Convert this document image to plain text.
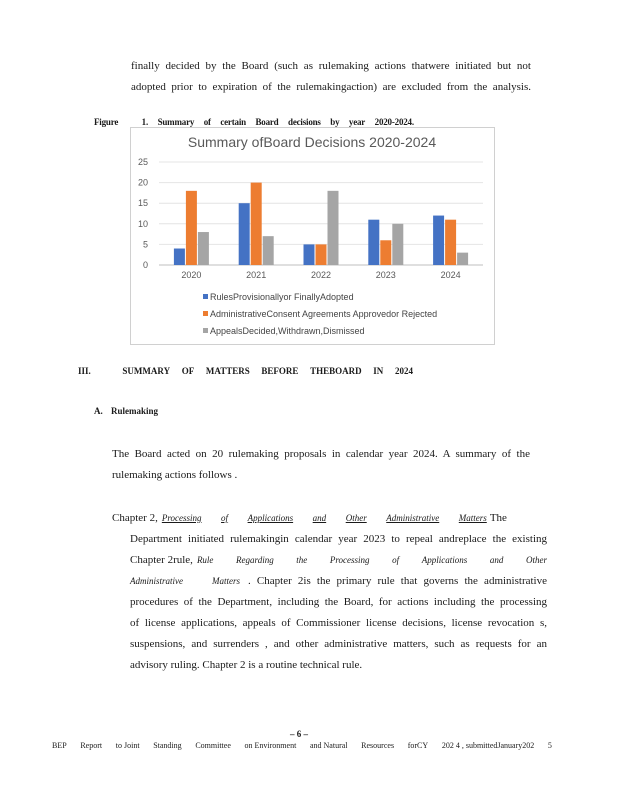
finally decided by the Board (such as rulemaking actions thatwere initiated but not
adopted prior to expiration of the rulemakingaction) are excluded from the analysis.
Figure	1. Summary of certain Board decisions by year 2020-2024.
Summary ofBoard Decisions 2020-2024
0
5
10
15
20
25
2020	2021	2022	2023	2024
RulesProvisionallyor FinallyAdopted
AdministrativeConsent Agreements Approvedor Rejected
AppealsDecided,Withdrawn,Dismissed
III.	SUMMARY OF MATTERS BEFORE THEBOARD IN 2024
A. Rulemaking
The Board acted on 20 rulemaking proposals in calendar year 2024. A summary of the
rulemaking actions follows .
Chapter 2, Processing of Applications and Other Administrative Matters The
Department initiated rulemakingin calendar year 2023 to repeal andreplace the existing
Chapter 2rule, Rule	Regarding	the	Processing	of	Applications	and	Other
Administrative	Matters . Chapter 2is the primary rule that governs the administrative
procedures of the Department, including the Board, for actions including the processing
of license applications, appeals of Commissioner license decisions, license revocation s,
suspensions, and surrenders , and other administrative matters, such as requests for an
advisory ruling. Chapter 2 is a routine technical rule.
– 6 –
BEP Report to Joint Standing Committee on Environment and Natural Resources forCY 202 4 , submittedJanuary202 5
